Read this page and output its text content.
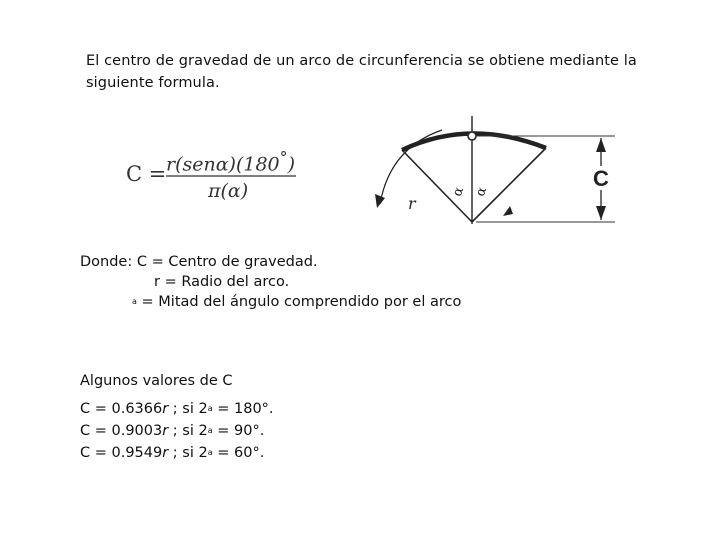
El centro de gravedad de un arco de circunferencia se obtiene mediante la
siguiente formula.
C = r(senα)(180°)
π(α)	C
r
α α
Donde: C = Centro de gravedad.
r = Radio del arco.
a = Mitad del ángulo comprendido por el arco
Algunos valores de C
C = 0.6366r ; si 2a = 180°.
C = 0.9003r ; si 2a = 90°.
C = 0.9549r ; si 2a = 60°.
